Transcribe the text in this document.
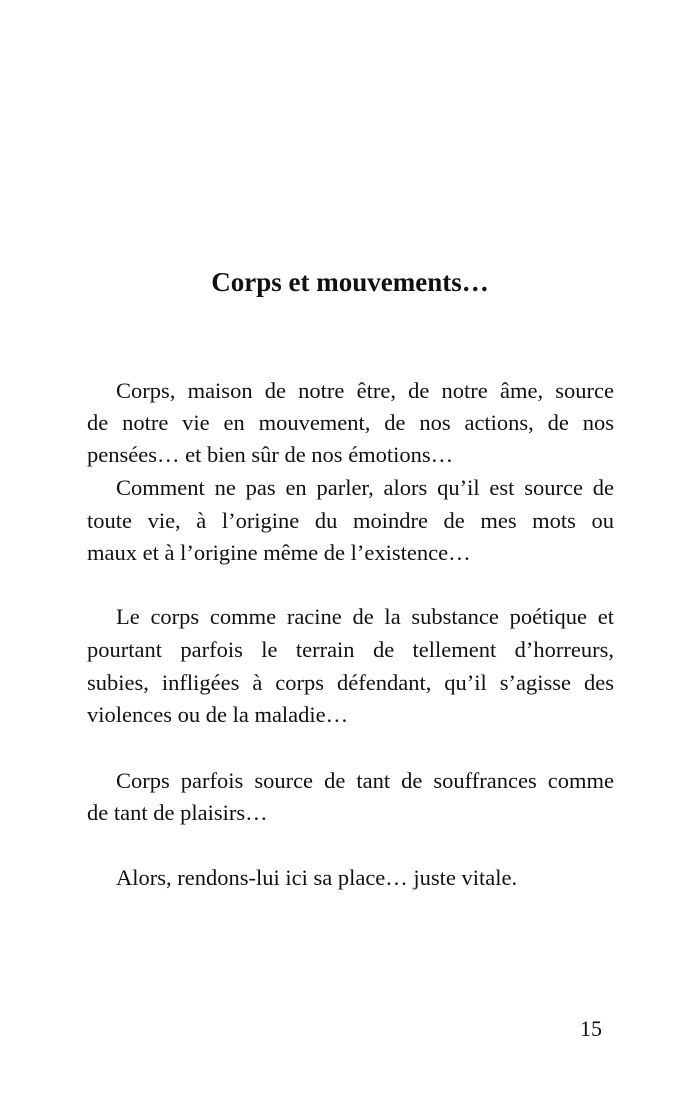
Corps et mouvements…
Corps, maison de notre être, de notre âme, source
de notre vie en mouvement, de nos actions, de nos
pensées… et bien sûr de nos émotions…
Comment ne pas en parler, alors qu’il est source de
toute vie, à l’origine du moindre de mes mots ou
maux et à l’origine même de l’existence…
Le corps comme racine de la substance poétique et
pourtant parfois le terrain de tellement d’horreurs,
subies, infligées à corps défendant, qu’il s’agisse des
violences ou de la maladie…
Corps parfois source de tant de souffrances comme
de tant de plaisirs…
Alors, rendons-lui ici sa place… juste vitale.
15
